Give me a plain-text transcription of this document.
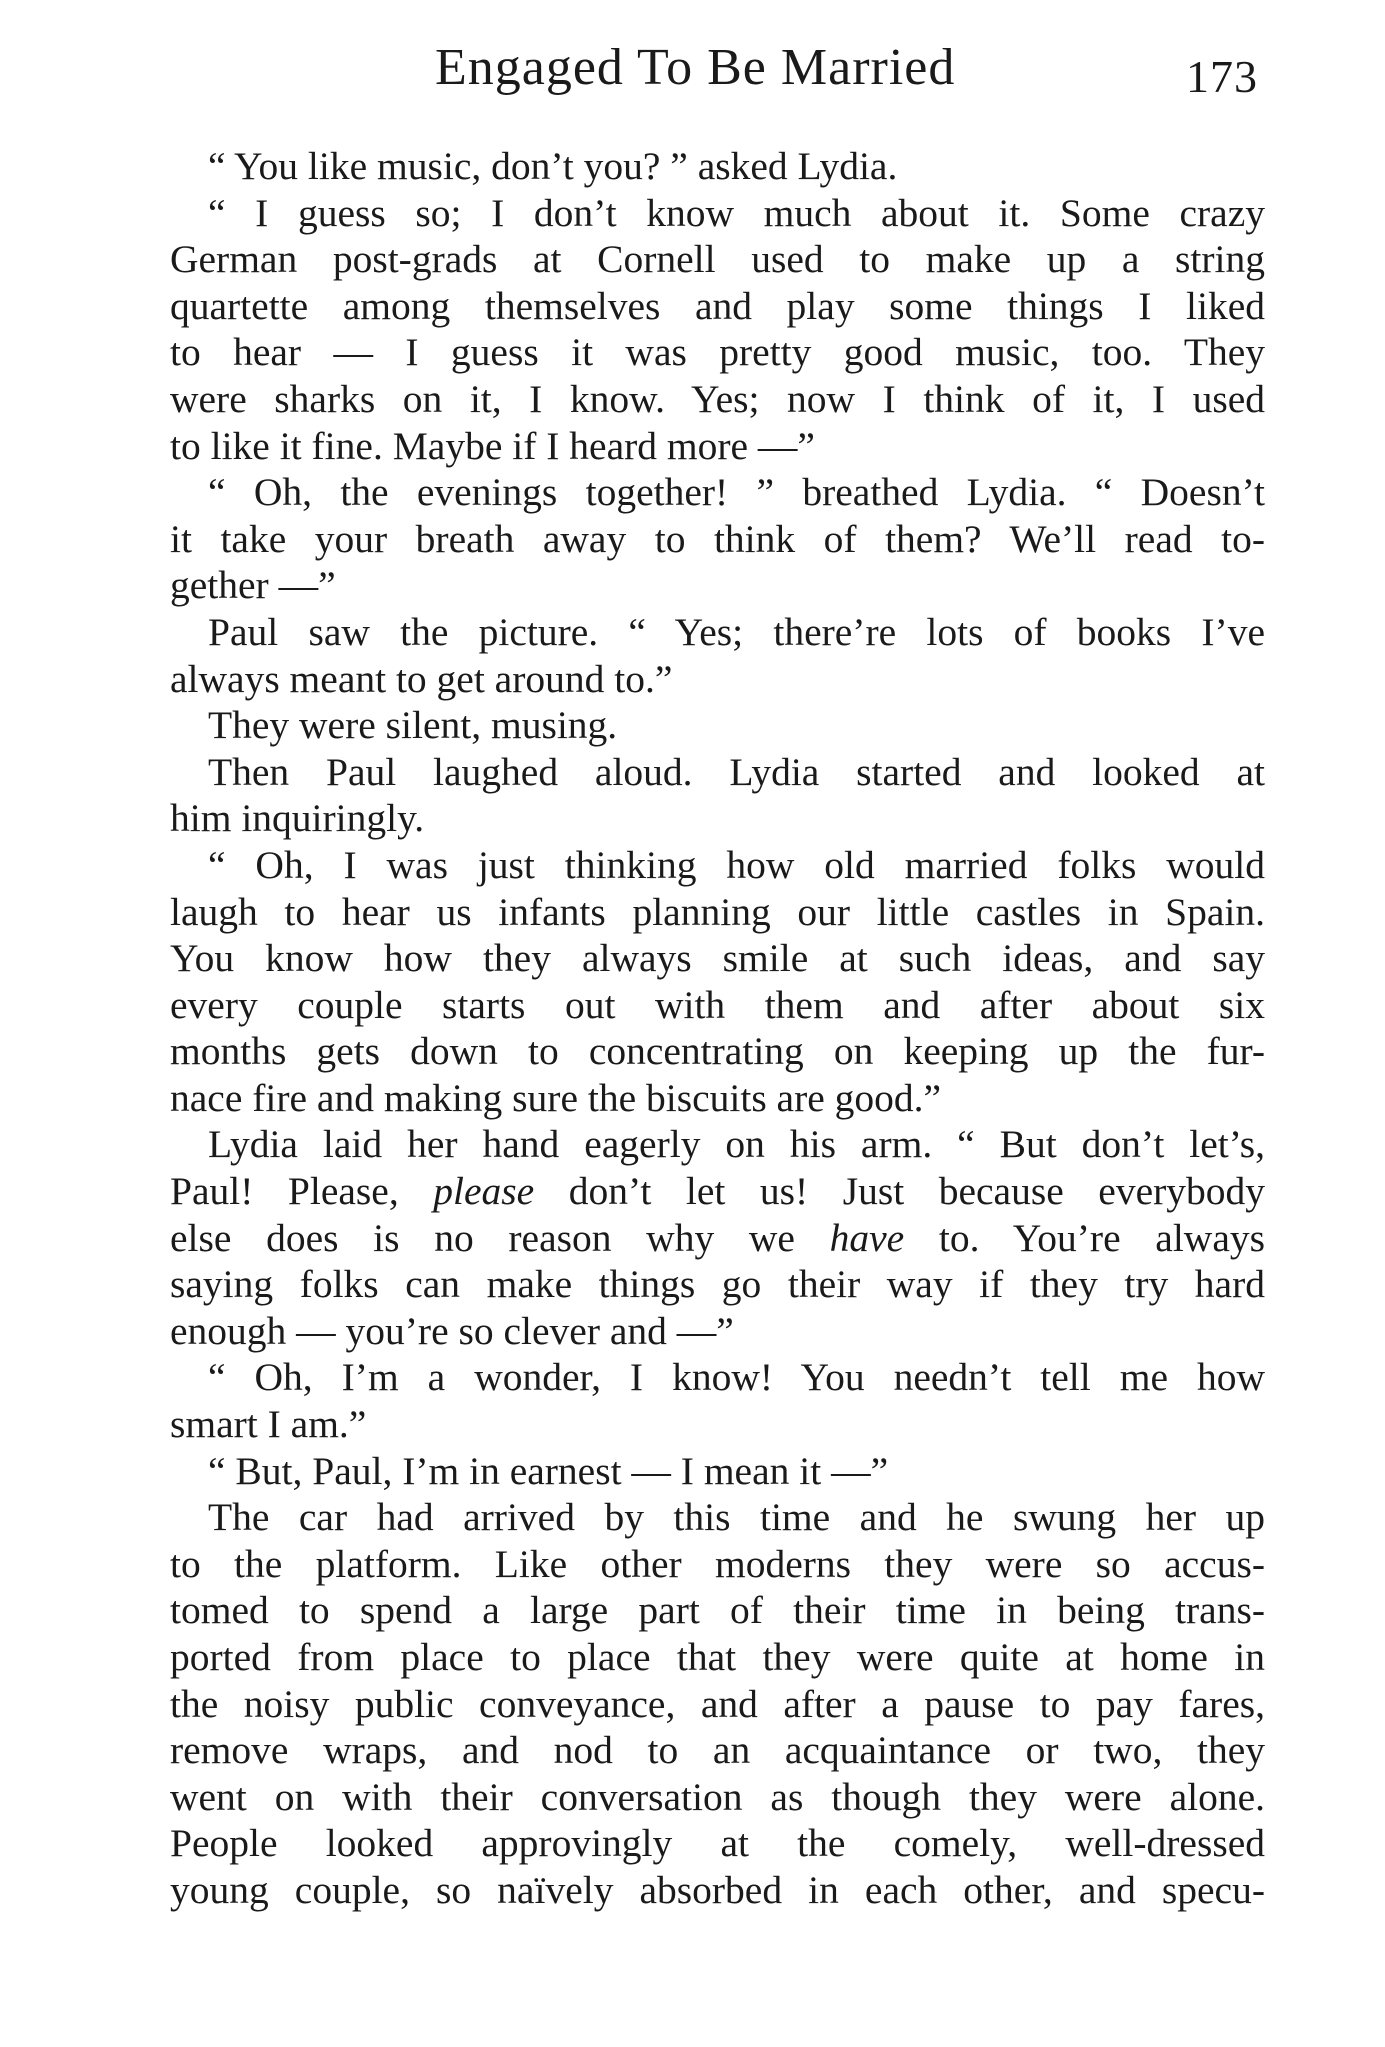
Engaged To Be Married	173
“ You like music, don’t you? ” asked Lydia.
“ I guess so; I don’t know much about it. Some crazy
German post-grads at Cornell used to make up a string
quartette among themselves and play some things I liked
to hear — I guess it was pretty good music, too. They
were sharks on it, I know. Yes; now I think of it, I used
to like it fine. Maybe if I heard more —”
“ Oh, the evenings together! ” breathed Lydia. “ Doesn’t
it take your breath away to think of them? We’ll read to-
gether —”
Paul saw the picture. “ Yes; there’re lots of books I’ve
always meant to get around to.”
They were silent, musing.
Then Paul laughed aloud. Lydia started and looked at
him inquiringly.
“ Oh, I was just thinking how old married folks would
laugh to hear us infants planning our little castles in Spain.
You know how they always smile at such ideas, and say
every couple starts out with them and after about six
months gets down to concentrating on keeping up the fur-
nace fire and making sure the biscuits are good.”
Lydia laid her hand eagerly on his arm. “ But don’t let’s,
Paul! Please, please don’t let us! Just because everybody
else does is no reason why we have to. You’re always
saying folks can make things go their way if they try hard
enough — you’re so clever and —”
“ Oh, I’m a wonder, I know! You needn’t tell me how
smart I am.”
“ But, Paul, I’m in earnest — I mean it —”
The car had arrived by this time and he swung her up
to the platform. Like other moderns they were so accus-
tomed to spend a large part of their time in being trans-
ported from place to place that they were quite at home in
the noisy public conveyance, and after a pause to pay fares,
remove wraps, and nod to an acquaintance or two, they
went on with their conversation as though they were alone.
People looked approvingly at the comely, well-dressed
young couple, so naïvely absorbed in each other, and specu-
